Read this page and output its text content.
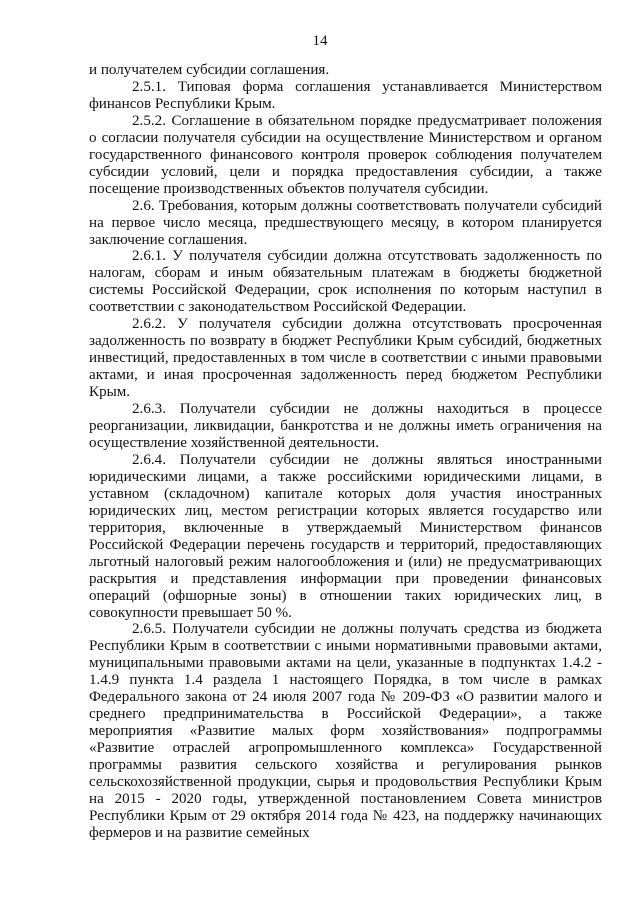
14

и получателем субсидии соглашения.

2.5.1. Типовая форма соглашения устанавливается Министерством финансов Республики Крым.

2.5.2. Соглашение в обязательном порядке предусматривает положения о согласии получателя субсидии на осуществление Министерством и органом государственного финансового контроля проверок соблюдения получателем субсидии условий, цели и порядка предоставления субсидии, а также посещение производственных объектов получателя субсидии.

2.6. Требования, которым должны соответствовать получатели субсидий на первое число месяца, предшествующего месяцу, в котором планируется заключение соглашения.

2.6.1. У получателя субсидии должна отсутствовать задолженность по налогам, сборам и иным обязательным платежам в бюджеты бюджетной системы Российской Федерации, срок исполнения по которым наступил в соответствии с законодательством Российской Федерации.

2.6.2. У получателя субсидии должна отсутствовать просроченная задолженность по возврату в бюджет Республики Крым субсидий, бюджетных инвестиций, предоставленных в том числе в соответствии с иными правовыми актами, и иная просроченная задолженность перед бюджетом Республики Крым.

2.6.3. Получатели субсидии не должны находиться в процессе реорганизации, ликвидации, банкротства и не должны иметь ограничения на осуществление хозяйственной деятельности.

2.6.4. Получатели субсидии не должны являться иностранными юридическими лицами, а также российскими юридическими лицами, в уставном (складочном) капитале которых доля участия иностранных юридических лиц, местом регистрации которых является государство или территория, включенные в утверждаемый Министерством финансов Российской Федерации перечень государств и территорий, предоставляющих льготный налоговый режим налогообложения и (или) не предусматривающих раскрытия и представления информации при проведении финансовых операций (офшорные зоны) в отношении таких юридических лиц, в совокупности превышает 50 %.

2.6.5. Получатели субсидии не должны получать средства из бюджета Республики Крым в соответствии с иными нормативными правовыми актами, муниципальными правовыми актами на цели, указанные в подпунктах 1.4.2 - 1.4.9 пункта 1.4 раздела 1 настоящего Порядка, в том числе в рамках Федерального закона от 24 июля 2007 года № 209-ФЗ «О развитии малого и среднего предпринимательства в Российской Федерации», а также мероприятия «Развитие малых форм хозяйствования» подпрограммы «Развитие отраслей агропромышленного комплекса» Государственной программы развития сельского хозяйства и регулирования рынков сельскохозяйственной продукции, сырья и продовольствия Республики Крым на 2015 - 2020 годы, утвержденной постановлением Совета министров Республики Крым от 29 октября 2014 года № 423, на поддержку начинающих фермеров и на развитие семейных
